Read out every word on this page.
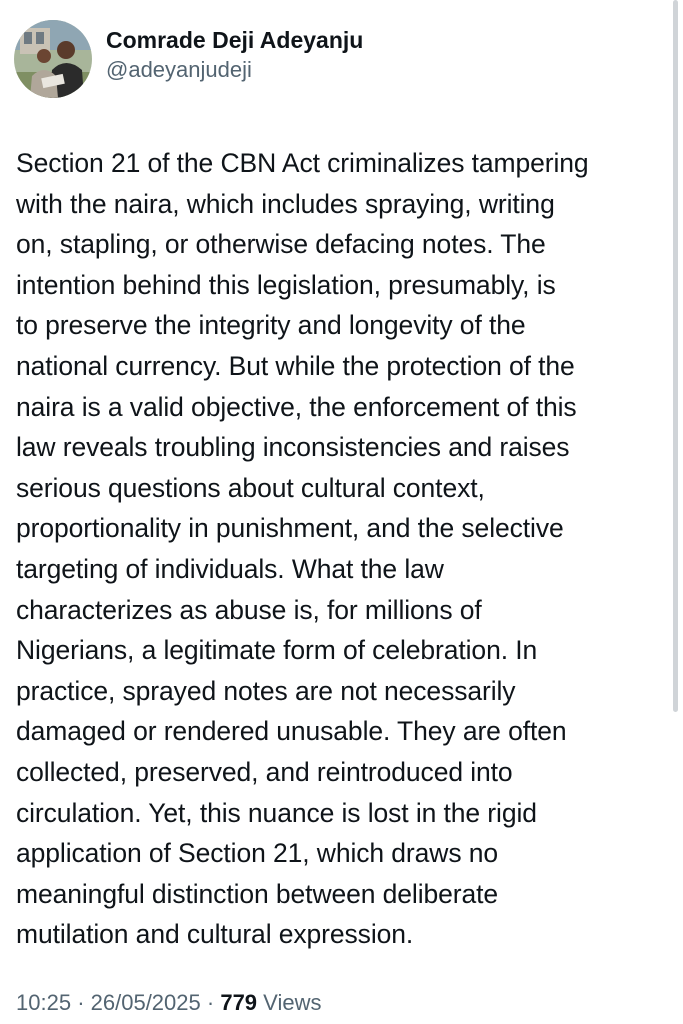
Comrade Deji Adeyanju
@adeyanjudeji
Section 21 of the CBN Act criminalizes tampering
with the naira, which includes spraying, writing
on, stapling, or otherwise defacing notes. The
intention behind this legislation, presumably, is
to preserve the integrity and longevity of the
national currency. But while the protection of the
naira is a valid objective, the enforcement of this
law reveals troubling inconsistencies and raises
serious questions about cultural context,
proportionality in punishment, and the selective
targeting of individuals. What the law
characterizes as abuse is, for millions of
Nigerians, a legitimate form of celebration. In
practice, sprayed notes are not necessarily
damaged or rendered unusable. They are often
collected, preserved, and reintroduced into
circulation. Yet, this nuance is lost in the rigid
application of Section 21, which draws no
meaningful distinction between deliberate
mutilation and cultural expression.
10:25 · 26/05/2025 · 779 Views
